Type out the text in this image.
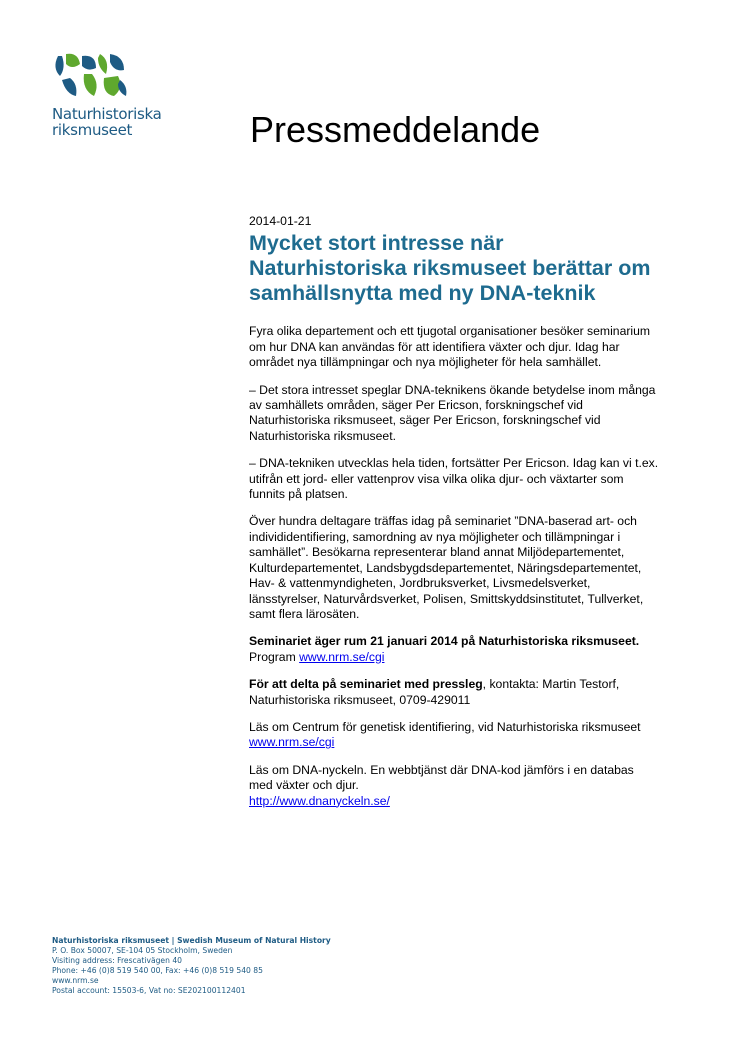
Naturhistoriska
riksmuseet	Pressmeddelande
2014-01-21
Mycket stort intresse när Naturhistoriska riksmuseet berättar om samhällsnytta med ny DNA-teknik

Fyra olika departement och ett tjugotal organisationer besöker seminarium om hur DNA kan användas för att identifiera växter och djur. Idag har området nya tillämpningar och nya möjligheter för hela samhället.

– Det stora intresset speglar DNA-teknikens ökande betydelse inom många av samhällets områden, säger Per Ericson, forskningschef vid Naturhistoriska riksmuseet, säger Per Ericson, forskningschef vid Naturhistoriska riksmuseet.

– DNA-tekniken utvecklas hela tiden, fortsätter Per Ericson. Idag kan vi t.ex. utifrån ett jord- eller vattenprov visa vilka olika djur- och växtarter som funnits på platsen.

Över hundra deltagare träffas idag på seminariet ”DNA-baserad art- och individidentifiering, samordning av nya möjligheter och tillämpningar i samhället”. Besökarna representerar bland annat Miljödepartementet, Kulturdepartementet, Landsbygdsdepartementet, Näringsdepartementet, Hav- & vattenmyndigheten, Jordbruksverket, Livsmedelsverket, länsstyrelser, Naturvårdsverket, Polisen, Smittskyddsinstitutet, Tullverket, samt flera lärosäten.

Seminariet äger rum 21 januari 2014 på Naturhistoriska riksmuseet.
Program www.nrm.se/cgi

För att delta på seminariet med pressleg, kontakta: Martin Testorf, Naturhistoriska riksmuseet, 0709-429011

Läs om Centrum för genetisk identifiering, vid Naturhistoriska riksmuseet
www.nrm.se/cgi

Läs om DNA-nyckeln. En webbtjänst där DNA-kod jämförs i en databas med växter och djur.
http://www.dnanyckeln.se/

Naturhistoriska riksmuseet | Swedish Museum of Natural History
P. O. Box 50007, SE-104 05 Stockholm, Sweden
Visiting address: Frescativägen 40
Phone: +46 (0)8 519 540 00, Fax: +46 (0)8 519 540 85
www.nrm.se
Postal account: 15503-6, Vat no: SE202100112401
